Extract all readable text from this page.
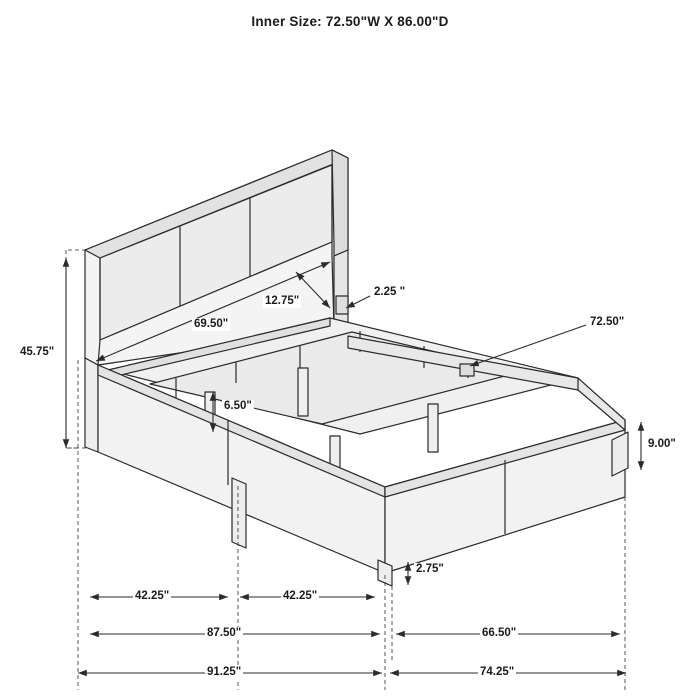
Inner Size: 72.50"W X 86.00"D
45.75"
69.50"
12.75"
2.25 "
6.50"
72.50"
9.00"
2.75"
42.25"	42.25"
87.50"	66.50"
91.25"	74.25"
